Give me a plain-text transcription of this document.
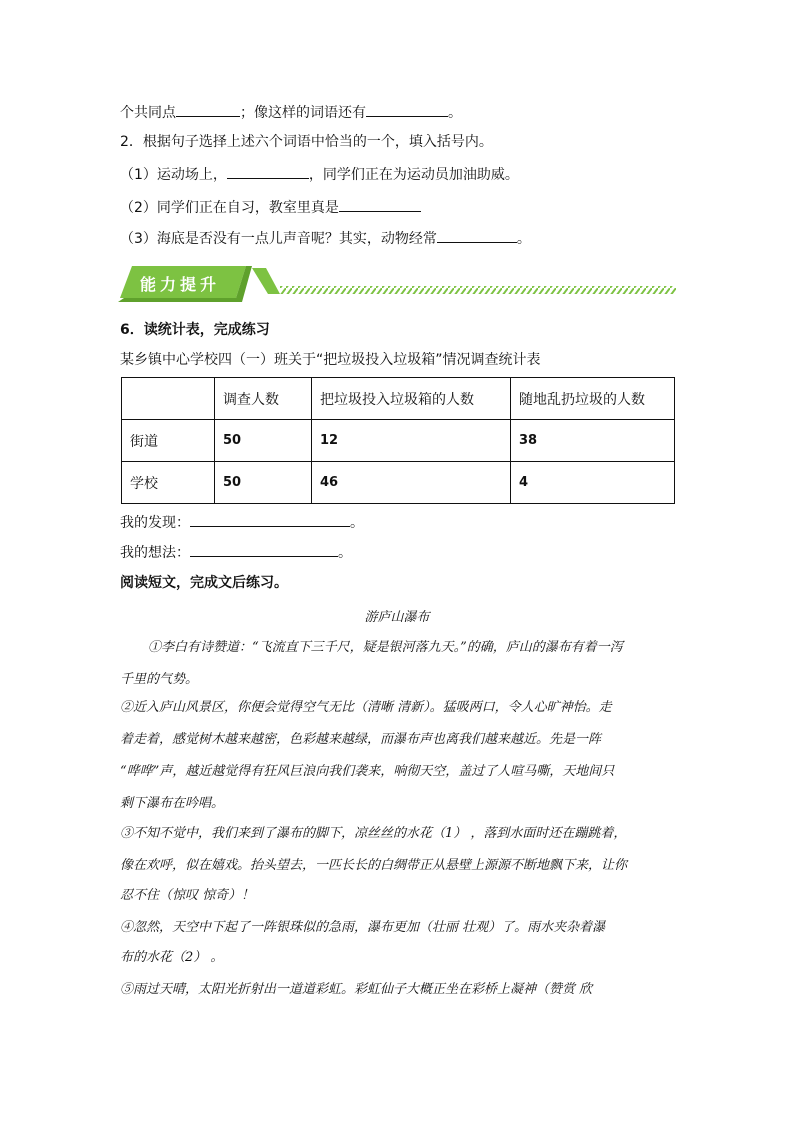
个共同点	；像这样的词语还有	。
2．根据句子选择上述六个词语中恰当的一个，填入括号内。
（1）运动场上，	，同学们正在为运动员加油助威。
（2）同学们正在自习，教室里真是
（3）海底是否没有一点儿声音呢？其实，动物经常	。
能力提升
6．读统计表，完成练习
某乡镇中心学校四（一）班关于“把垃圾投入垃圾箱”情况调查统计表
	调查人数	把垃圾投入垃圾箱的人数	随地乱扔垃圾的人数
街道	50	12	38
学校	50	46	4
我的发现：	。
我的想法：	。
阅读短文，完成文后练习。
游庐山瀑布
①李白有诗赞道：“飞流直下三千尺，疑是银河落九天。”的确，庐山的瀑布有着一泻
千里的气势。
②近入庐山风景区，你便会觉得空气无比（清晰 清新）。猛吸两口，令人心旷神怡。走
着走着，感觉树木越来越密，色彩越来越绿，而瀑布声也离我们越来越近。先是一阵
“哗哗”声，越近越觉得有狂风巨浪向我们袭来，响彻天空，盖过了人喧马嘶，天地间只
剩下瀑布在吟唱。
③不知不觉中，我们来到了瀑布的脚下，凉丝丝的水花（1） ，落到水面时还在蹦跳着，
像在欢呼，似在嬉戏。抬头望去，一匹长长的白绸带正从悬壁上源源不断地飘下来，让你
忍不住（惊叹 惊奇）！
④忽然，天空中下起了一阵银珠似的急雨，瀑布更加（壮丽 壮观）了。雨水夹杂着瀑
布的水花（2） 。
⑤雨过天晴，太阳光折射出一道道彩虹。彩虹仙子大概正坐在彩桥上凝神（赞赏 欣
